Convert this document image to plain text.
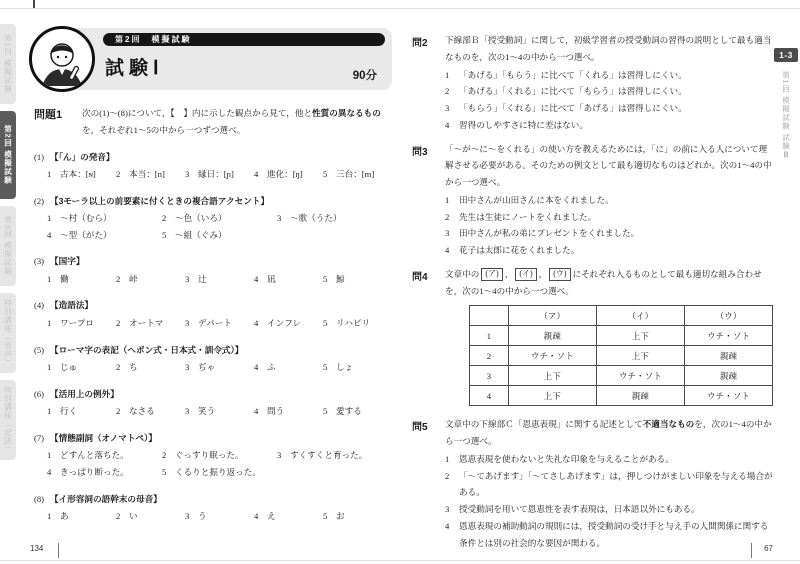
134	67
第1回 模擬試験
第2回 模擬試験
第3回 模擬試験
特別講座（音声）
特別講座（記述）
1-3
第1回 模擬試験 試験Ⅲ
第2回　模擬試験
試験Ⅰ	90分
問題1	次の(1)～(8)について，【　】内に示した観点から見て，他と性質の異なるものを，それぞれ1～5の中から一つずつ選べ。

(1) 【「ん」の発音】
1	古本：[ɴ] 2	本当：[n] 3	縁日：[ɲ] 4	進化：[ŋ] 5	三台：[m]
(2) 【3モーラ以上の前要素に付くときの複合語アクセント】
1	～村（むら）	2	～色（いろ）	3	～歌（うた）
4	～型（がた）	5	～組（ぐみ）
(3) 【国字】
1	働	2	峠	3	辻	4	凪	5	鯨
(4) 【造語法】
1	ワープロ	2	オートマ	3	デパート	4	インフレ	5	リハビリ
(5) 【ローマ字の表記（ヘボン式・日本式・訓令式）】
1	じゅ	2	ち	3	ぢゃ	4	ふ	5	しょ
(6) 【活用上の例外】
1	行く	2	なさる	3	笑う	4	問う	5	愛する
(7) 【情態副詞（オノマトペ）】
1	どすんと落ちた。	2	ぐっすり眠った。	3	すくすくと育った。
4	きっぱり断った。	5	くるりと振り返った。
(8) 【イ形容詞の語幹末の母音】
1	あ	2	い	3	う	4	え	5	お
問2	下線部Ｂ「授受動詞」に関して，初級学習者の授受動詞の習得の説明として最も適当なものを，次の1～4の中から一つ選べ。

1	「あげる」「もらう」に比べて「くれる」は習得しにくい。
2	「あげる」「くれる」に比べて「もらう」は習得しにくい。
3	「もらう」「くれる」に比べて「あげる」は習得しにくい。
4	習得のしやすさに特に差はない。
問3	「～が～に～をくれる」の使い方を教えるためには，「に」の前に入る人について理解させる必要がある。そのための例文として最も適切なものはどれか。次の1～4の中から一つ選べ。

1	田中さんが山田さんに本をくれました。
2	先生は生徒にノートをくれました。
3	田中さんが私の弟にプレゼントをくれました。
4	花子は太郎に花をくれました。
問4	文章中の (ア) ， (イ) ， (ウ) にそれぞれ入るものとして最も適切な組み合わせを，次の1～4の中から一つ選べ。

	（ア）	（イ）	（ウ）
1	親疎	上下	ウチ・ソト
2	ウチ・ソト	上下	親疎
3	上下	ウチ・ソト	親疎
4	上下	親疎	ウチ・ソト
問5	文章中の下線部Ｃ「恩恵表現」に関する記述として不適当なものを，次の1～4の中から一つ選べ。

1	恩恵表現を使わないと失礼な印象を与えることがある。
2	「～てあげます」「～てさしあげます」は，押しつけがましい印象を与える場合がある。
3	授受動詞を用いて恩恵性を表す表現は，日本語以外にもある。
4	恩恵表現の補助動詞の規則には，授受動詞の受け手と与え手の人間関係に関する条件とは別の社会的な要因が関わる。
